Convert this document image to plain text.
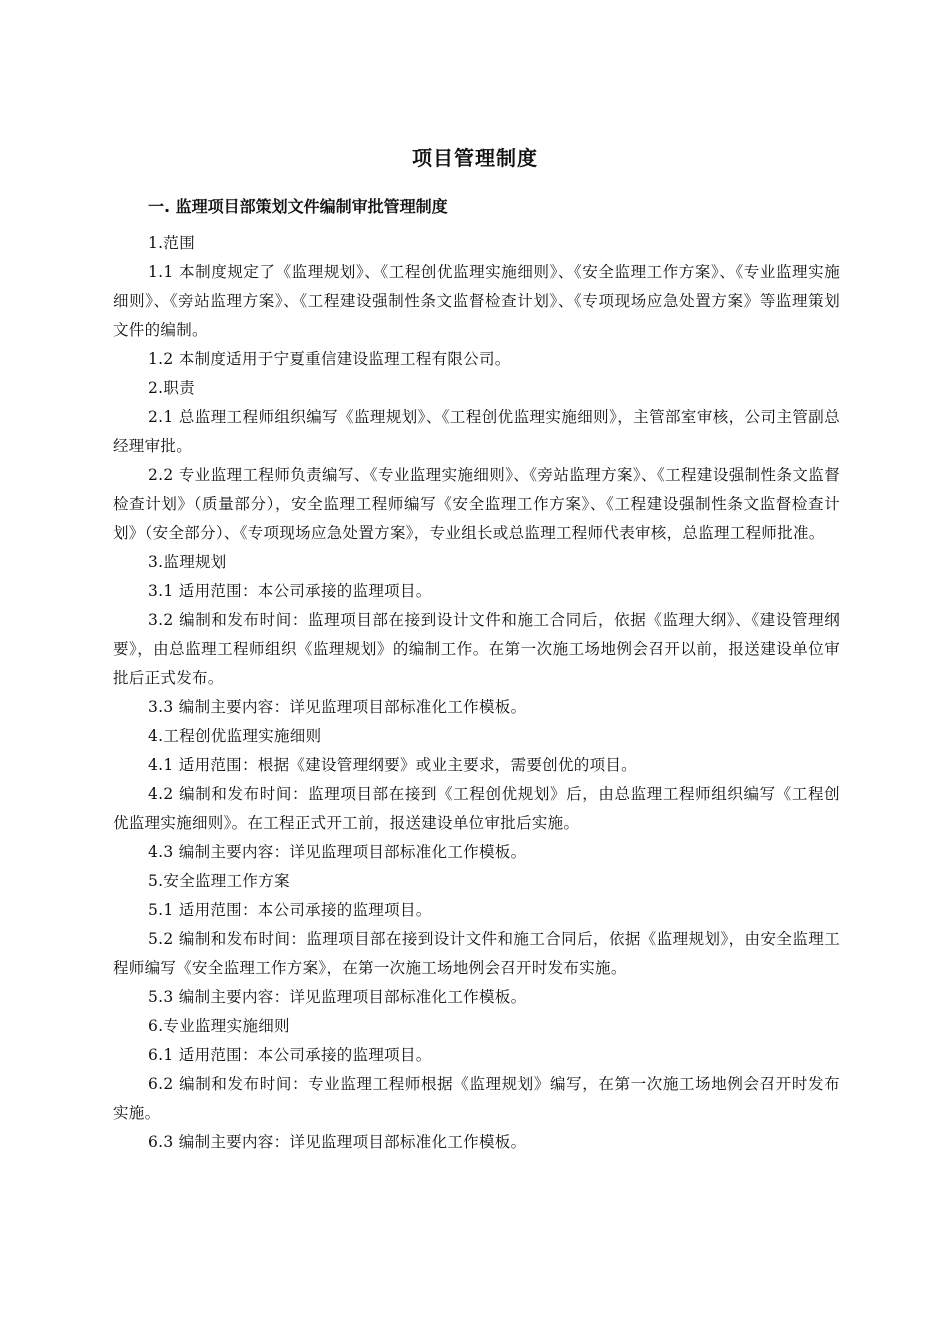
项目管理制度
一. 监理项目部策划文件编制审批管理制度

1.范围

1.1 本制度规定了《监理规划》、《工程创优监理实施细则》、《安全监理工作方案》、《专业监理实施细则》、《旁站监理方案》、《工程建设强制性条文监督检查计划》、《专项现场应急处置方案》等监理策划文件的编制。

1.2 本制度适用于宁夏重信建设监理工程有限公司。

2.职责

2.1 总监理工程师组织编写《监理规划》、《工程创优监理实施细则》，主管部室审核，公司主管副总经理审批。

2.2 专业监理工程师负责编写、《专业监理实施细则》、《旁站监理方案》、《工程建设强制性条文监督检查计划》（质量部分），安全监理工程师编写《安全监理工作方案》、《工程建设强制性条文监督检查计划》（安全部分）、《专项现场应急处置方案》，专业组长或总监理工程师代表审核，总监理工程师批准。

3.监理规划

3.1 适用范围：本公司承接的监理项目。

3.2 编制和发布时间：监理项目部在接到设计文件和施工合同后，依据《监理大纲》、《建设管理纲要》，由总监理工程师组织《监理规划》的编制工作。在第一次施工场地例会召开以前，报送建设单位审批后正式发布。

3.3 编制主要内容：详见监理项目部标准化工作模板。

4.工程创优监理实施细则

4.1 适用范围：根据《建设管理纲要》或业主要求，需要创优的项目。

4.2 编制和发布时间：监理项目部在接到《工程创优规划》后，由总监理工程师组织编写《工程创优监理实施细则》。在工程正式开工前，报送建设单位审批后实施。

4.3 编制主要内容：详见监理项目部标准化工作模板。

5.安全监理工作方案

5.1 适用范围：本公司承接的监理项目。

5.2 编制和发布时间：监理项目部在接到设计文件和施工合同后，依据《监理规划》，由安全监理工程师编写《安全监理工作方案》，在第一次施工场地例会召开时发布实施。

5.3 编制主要内容：详见监理项目部标准化工作模板。

6.专业监理实施细则

6.1 适用范围：本公司承接的监理项目。

6.2 编制和发布时间：专业监理工程师根据《监理规划》编写，在第一次施工场地例会召开时发布实施。

6.3 编制主要内容：详见监理项目部标准化工作模板。
